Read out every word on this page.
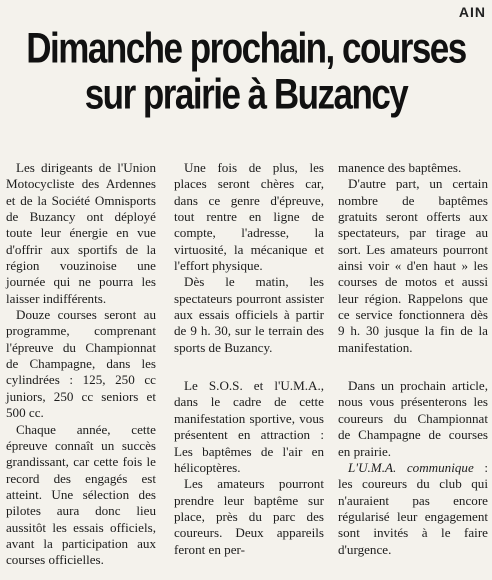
AIN
Dimanche prochain, courses
sur prairie à Buzancy

Les dirigeants de l'Union Motocycliste des Ardennes et de la Société Omnisports de Buzancy ont déployé toute leur énergie en vue d'offrir aux sportifs de la région vouzinoise une journée qui ne pourra les laisser indifférents.

Douze courses seront au programme, comprenant l'épreuve du Championnat de Champagne, dans les cylindrées : 125, 250 cc juniors, 250 cc seniors et 500 cc.

Chaque année, cette épreuve connaît un succès grandissant, car cette fois le record des engagés est atteint. Une sélection des pilotes aura donc lieu aussitôt les essais officiels, avant la participation aux courses officielles.

Une fois de plus, les places seront chères car, dans ce genre d'épreuve, tout rentre en ligne de compte, l'adresse, la virtuosité, la mécanique et l'effort physique.

Dès le matin, les spectateurs pourront assister aux essais officiels à partir de 9 h. 30, sur le terrain des sports de Buzancy.

Le S.O.S. et l'U.M.A., dans le cadre de cette manifestation sportive, vous présentent en attraction : Les baptêmes de l'air en hélicoptères.

Les amateurs pourront prendre leur baptême sur place, près du parc des coureurs. Deux appareils feront en per-

manence des baptêmes.

D'autre part, un certain nombre de baptêmes gratuits seront offerts aux spectateurs, par tirage au sort. Les amateurs pourront ainsi voir « d'en haut » les courses de motos et aussi leur région. Rappelons que ce service fonctionnera dès 9 h. 30 jusque la fin de la manifestation.

Dans un prochain article, nous vous présenterons les coureurs du Championnat de Champagne de courses en prairie.

L'U.M.A. communique : les coureurs du club qui n'auraient pas encore régularisé leur engagement sont invités à le faire d'urgence.
